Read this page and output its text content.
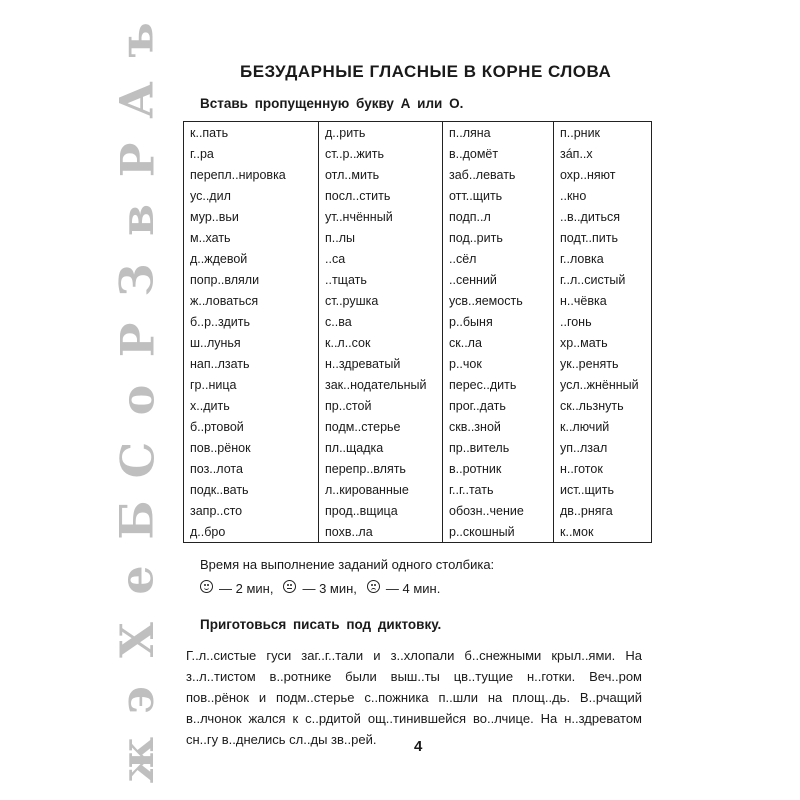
ъ
А
Р
в
З
Р
о
С
Б
е
Х
э
ж
БЕЗУДАРНЫЕ ГЛАСНЫЕ В КОРНЕ СЛОВА
Вставь пропущенную букву А или О.
к..пать	д..рить	п..ляна	п..рник
г..ра	ст..р..жить	в..домёт	зáп..х
перепл..нировка	отл..мить	заб..левать	охр..няют
ус..дил	посл..стить	отт..щить	..кно
мур..вьи	ут..нчённый	подп..л	..в..диться
м..хать	п..лы	под..рить	подт..пить
д..ждевой	..са	..сёл	г..ловка
попр..вляли	..тщать	..сенний	г..л..систый
ж..ловаться	ст..рушка	усв..яемость	н..чёвка
б..р..здить	с..ва	р..быня	..гонь
ш..лунья	к..л..сок	ск..ла	хр..мать
нап..лзать	н..здреватый	р..чок	ук..ренять
гр..ница	зак..нодательный	перес..дить	усл..жнённый
х..дить	пр..стой	прог..дать	ск..льзнуть
б..ртовой	подм..стерье	скв..зной	к..лючий
пов..рёнок	пл..щадка	пр..витель	уп..лзал
поз..лота	перепр..влять	в..ротник	н..готок
подк..вать	л..кированные	г..г..тать	ист..щить
запр..сто	прод..вщица	обозн..чение	дв..рняга
д..бро	похв..ла	р..скошный	к..мок
Время на выполнение заданий одного столбика:
— 2 мин,	— 3 мин,	— 4 мин.
Приготовься писать под диктовку.

Г..л..систые гуси заг..г..тали и з..хлопали б..снежными крыл..ями. На з..л..тистом в..ротнике были выш..ты цв..тущие н..готки. Веч..ром пов..рёнок и подм..стерье с..пожника п..шли на площ..дь. В..рчащий в..лчонок жался к с..рдитой ощ..тинившейся во..лчице. На н..здреватом сн..гу в..днелись сл..ды зв..рей.	4
